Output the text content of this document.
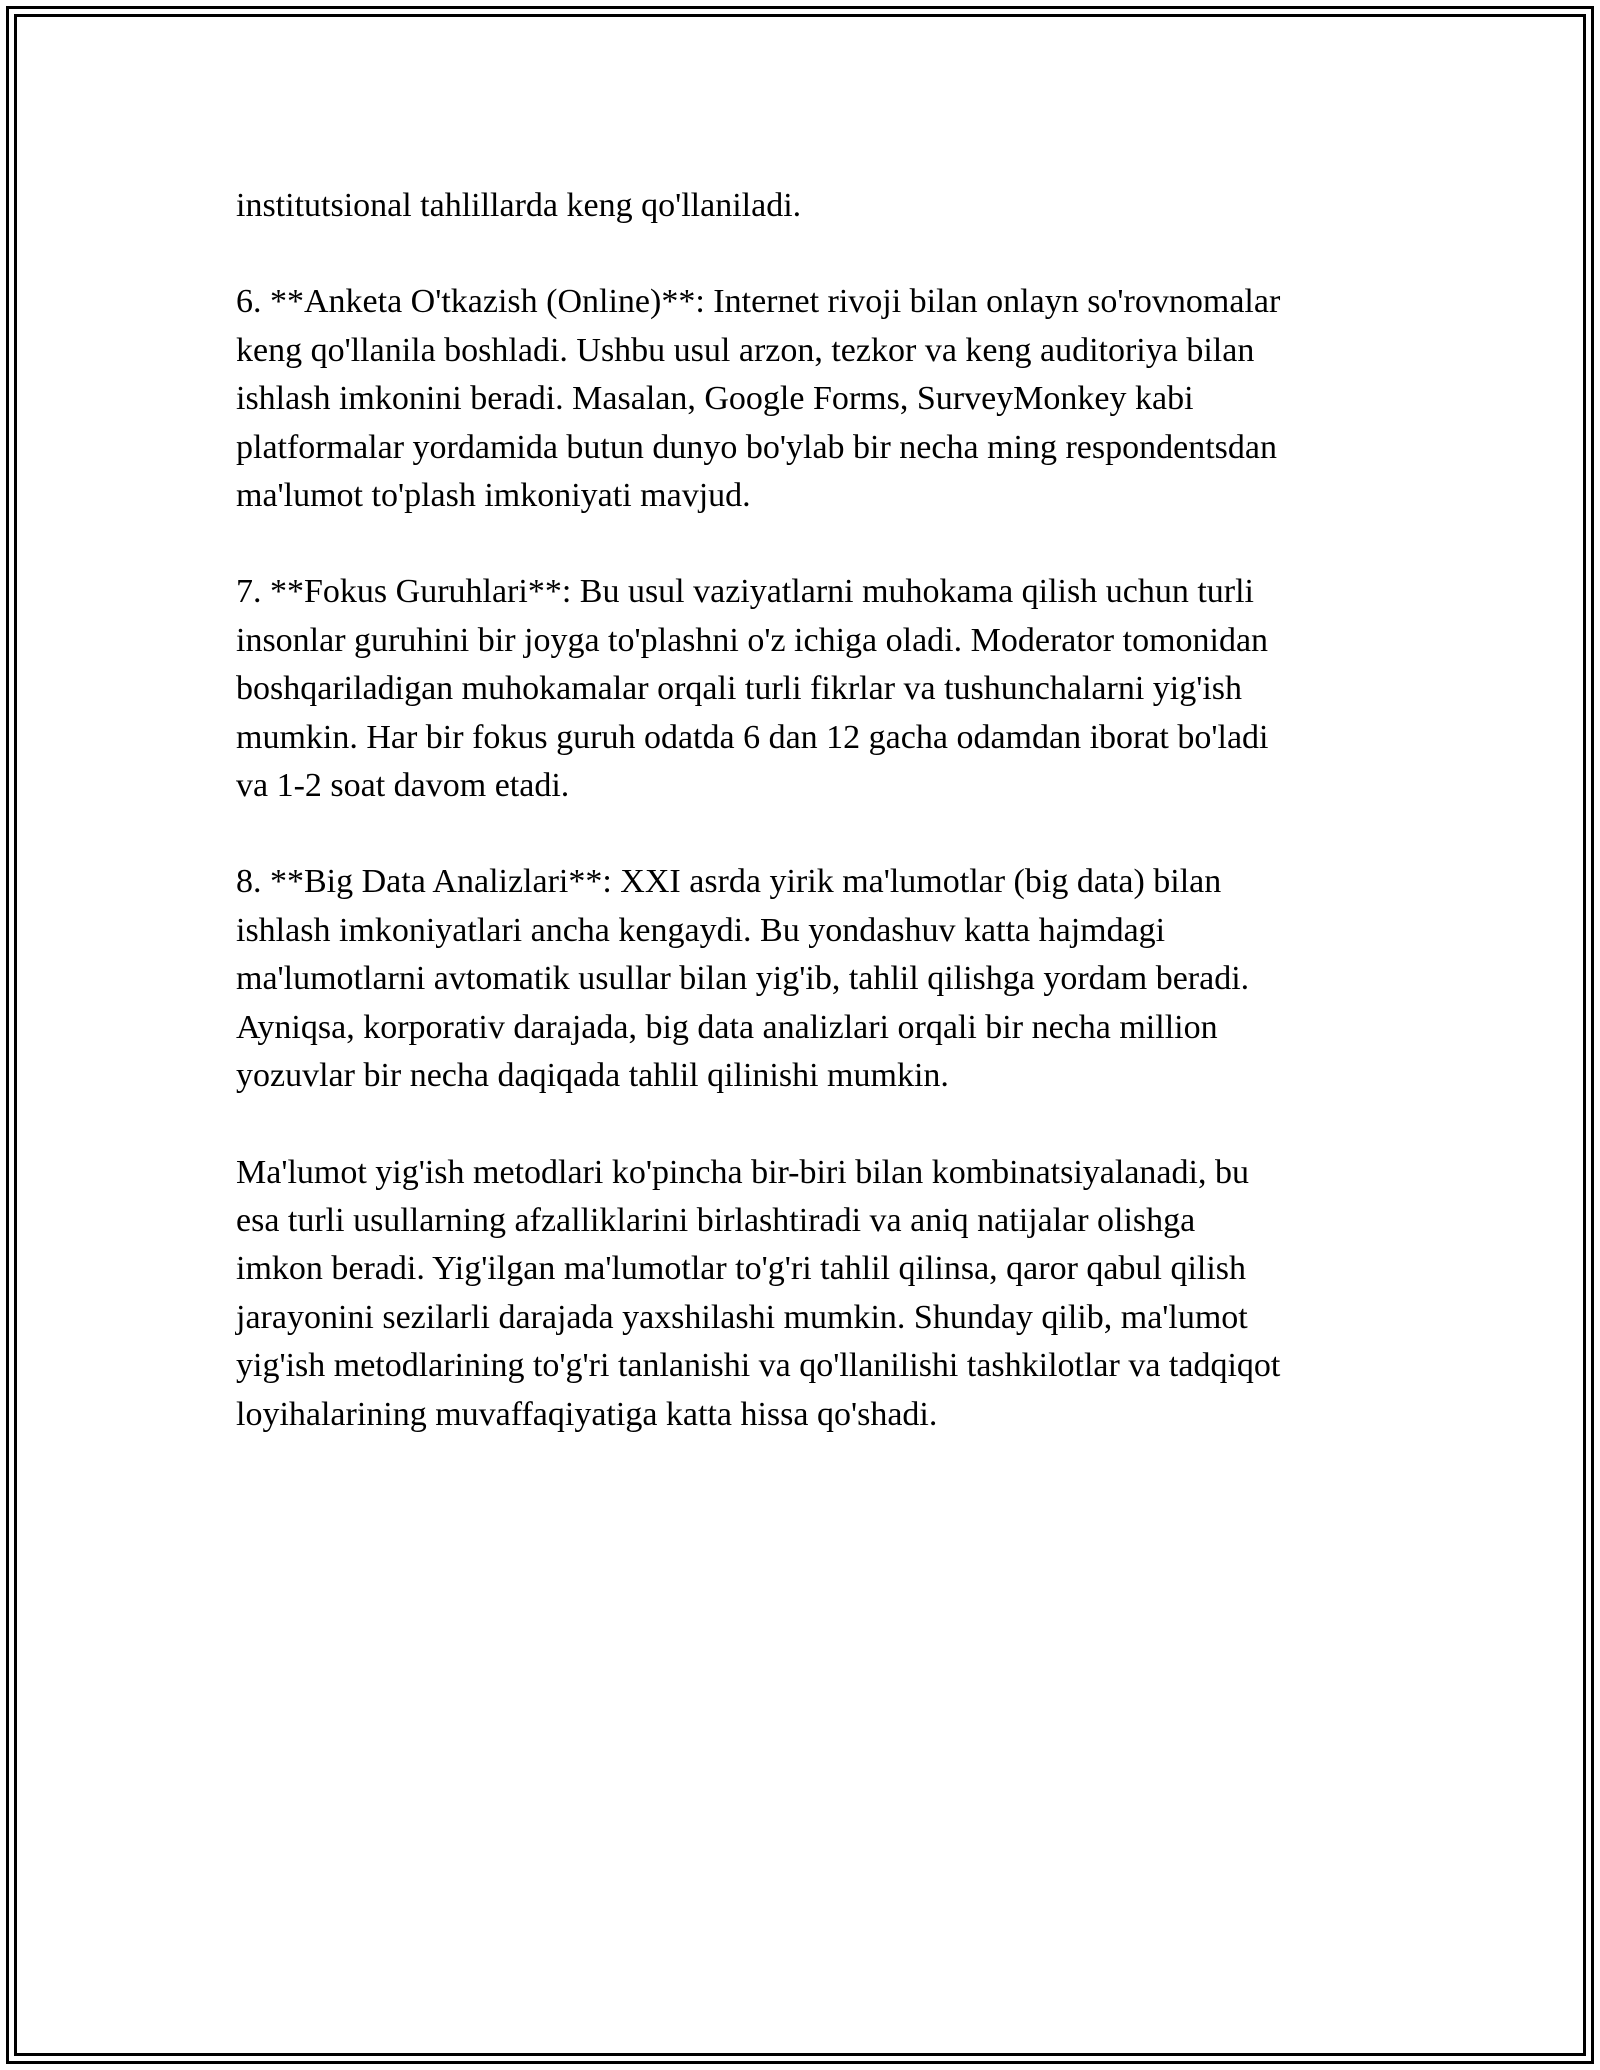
institutsional tahlillarda keng qo'llaniladi.

6. **Anketa O'tkazish (Online)**: Internet rivoji bilan onlayn so'rovnomalar
keng qo'llanila boshladi. Ushbu usul arzon, tezkor va keng auditoriya bilan
ishlash imkonini beradi. Masalan, Google Forms, SurveyMonkey kabi
platformalar yordamida butun dunyo bo'ylab bir necha ming respondentsdan
ma'lumot to'plash imkoniyati mavjud.

7. **Fokus Guruhlari**: Bu usul vaziyatlarni muhokama qilish uchun turli
insonlar guruhini bir joyga to'plashni o'z ichiga oladi. Moderator tomonidan
boshqariladigan muhokamalar orqali turli fikrlar va tushunchalarni yig'ish
mumkin. Har bir fokus guruh odatda 6 dan 12 gacha odamdan iborat bo'ladi
va 1-2 soat davom etadi.

8. **Big Data Analizlari**: XXI asrda yirik ma'lumotlar (big data) bilan
ishlash imkoniyatlari ancha kengaydi. Bu yondashuv katta hajmdagi
ma'lumotlarni avtomatik usullar bilan yig'ib, tahlil qilishga yordam beradi.
Ayniqsa, korporativ darajada, big data analizlari orqali bir necha million
yozuvlar bir necha daqiqada tahlil qilinishi mumkin.

Ma'lumot yig'ish metodlari ko'pincha bir-biri bilan kombinatsiyalanadi, bu
esa turli usullarning afzalliklarini birlashtiradi va aniq natijalar olishga
imkon beradi. Yig'ilgan ma'lumotlar to'g'ri tahlil qilinsa, qaror qabul qilish
jarayonini sezilarli darajada yaxshilashi mumkin. Shunday qilib, ma'lumot
yig'ish metodlarining to'g'ri tanlanishi va qo'llanilishi tashkilotlar va tadqiqot
loyihalarining muvaffaqiyatiga katta hissa qo'shadi.
